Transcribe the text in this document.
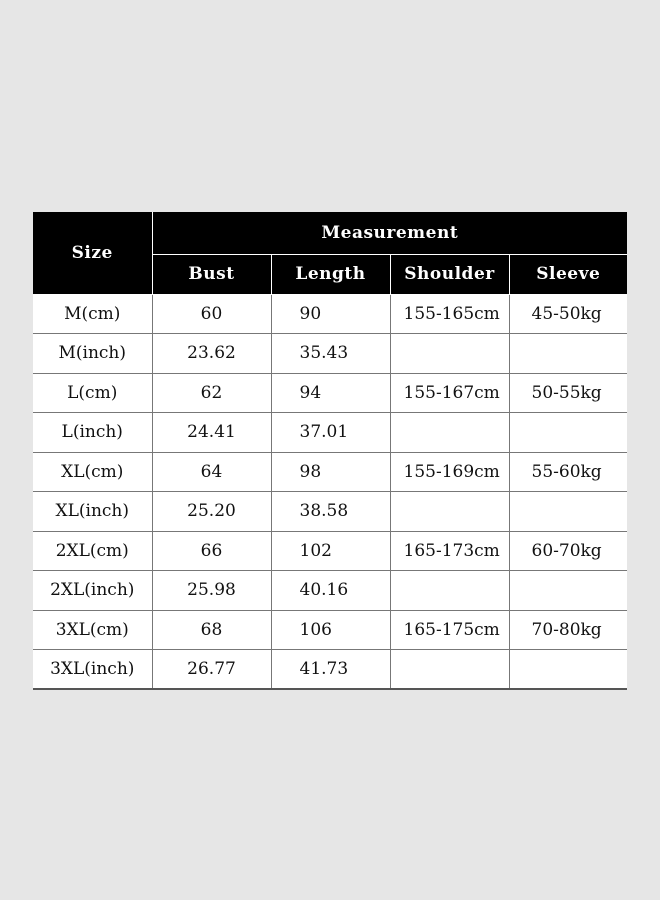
Size	Measurement			
	Bust	Length	Shoulder	Sleeve
M(cm)	60	90	155-165cm	45-50kg
M(inch)	23.62	35.43		
L(cm)	62	94	155-167cm	50-55kg
L(inch)	24.41	37.01		
XL(cm)	64	98	155-169cm	55-60kg
XL(inch)	25.20	38.58		
2XL(cm)	66	102	165-173cm	60-70kg
2XL(inch)	25.98	40.16		
3XL(cm)	68	106	165-175cm	70-80kg
3XL(inch)	26.77	41.73		
